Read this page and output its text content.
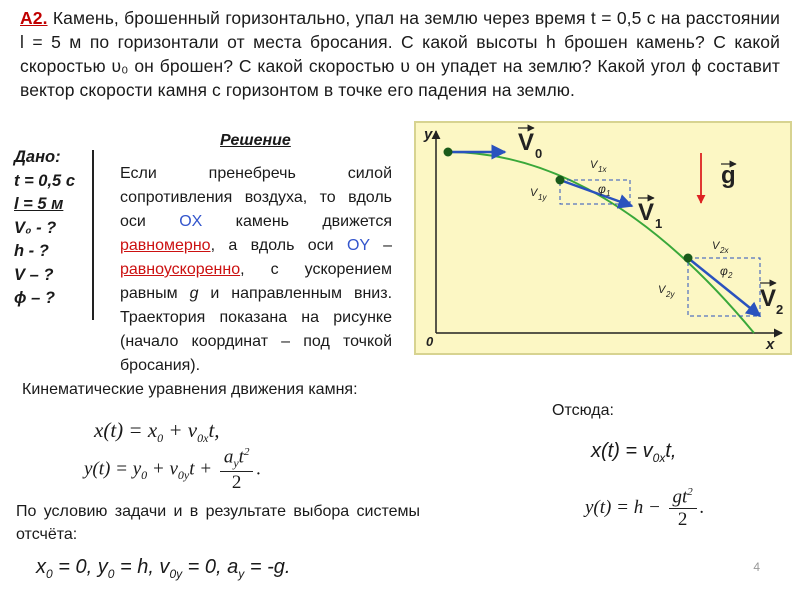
А2. Камень, брошенный горизонтально, упал на землю через время t = 0,5 с на расстоянии l = 5 м по горизонтали от места бросания. С какой высоты h брошен камень? С какой скоростью υ₀ он брошен? С какой скоростью υ он упадет на землю? Какой угол ϕ составит вектор скорости камня с горизонтом в точке его падения на землю.
Дано:
t = 0,5 с
l = 5 м
V₀ - ?
h - ?
V – ?
ϕ – ?
Решение
Если пренебречь силой сопротивления воздуха, то вдоль оси OX камень движется равномерно, а вдоль оси OY – равноускоренно, с ускорением равным g и направленным вниз. Траектория показана на рисунке (начало координат – под точкой бросания).
y
x
0
g
V 0
V 1
V 2
V 1x
V 1y
φ 1
V 2x
V 2y
φ 2
Кинематические уравнения движения камня:
$x(t) = x_0 + v_{0x}t$,
$y(t) = y_0 + v_{0y}t + \frac{a_yt^2}{2}$ .
Отсюда:
$x(t) = v_{0x}t$,
$y(t) = h - \frac{gt^2}{2}$ .
По условию задачи и в результате выбора системы отсчёта:
$x_0 = 0$, $y_0 = h$, $v_{0y} = 0$, $a_y = -g$.	4
